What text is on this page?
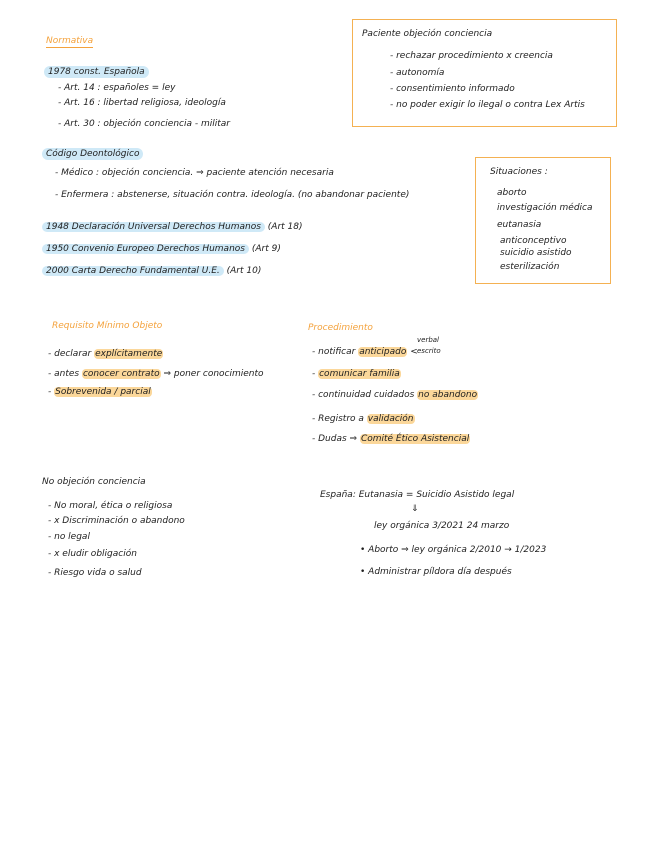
Normativa
1978 const. Española
- Art. 14 : españoles = ley
- Art. 16 : libertad religiosa, ideología
- Art. 30 : objeción conciencia - militar
Código Deontológico
- Médico : objeción conciencia. ⇒ paciente atención necesaria
- Enfermera : abstenerse, situación contra. ideología. (no abandonar paciente)
1948 Declaración Universal Derechos Humanos (Art 18)
1950 Convenio Europeo Derechos Humanos (Art 9)
2000 Carta Derecho Fundamental U.E. (Art 10)
Paciente objeción conciencia
- rechazar procedimiento x creencia
- autonomía
- consentimiento informado
- no poder exigir lo ilegal o contra Lex Artis
Situaciones :
aborto
investigación médica
eutanasia
anticonceptivo
suicidio asistido
esterilización
Requisito Mínimo Objeto
- declarar explícitamente
- antes conocer contrato ⇒ poner conocimiento
- Sobrevenida / parcial
Procedimiento
- notificar anticipado <
verbal
escrito
- comunicar familia
- continuidad cuidados no abandono
- Registro a validación
- Dudas ⇒ Comité Ético Asistencial
No objeción conciencia
- No moral, ética o religiosa
- x Discriminación o abandono
- no legal
- x eludir obligación
- Riesgo vida o salud
España: Eutanasia = Suicidio Asistido legal
⇓
ley orgánica 3/2021 24 marzo
• Aborto ⇒ ley orgánica 2/2010 → 1/2023
• Administrar píldora día después
